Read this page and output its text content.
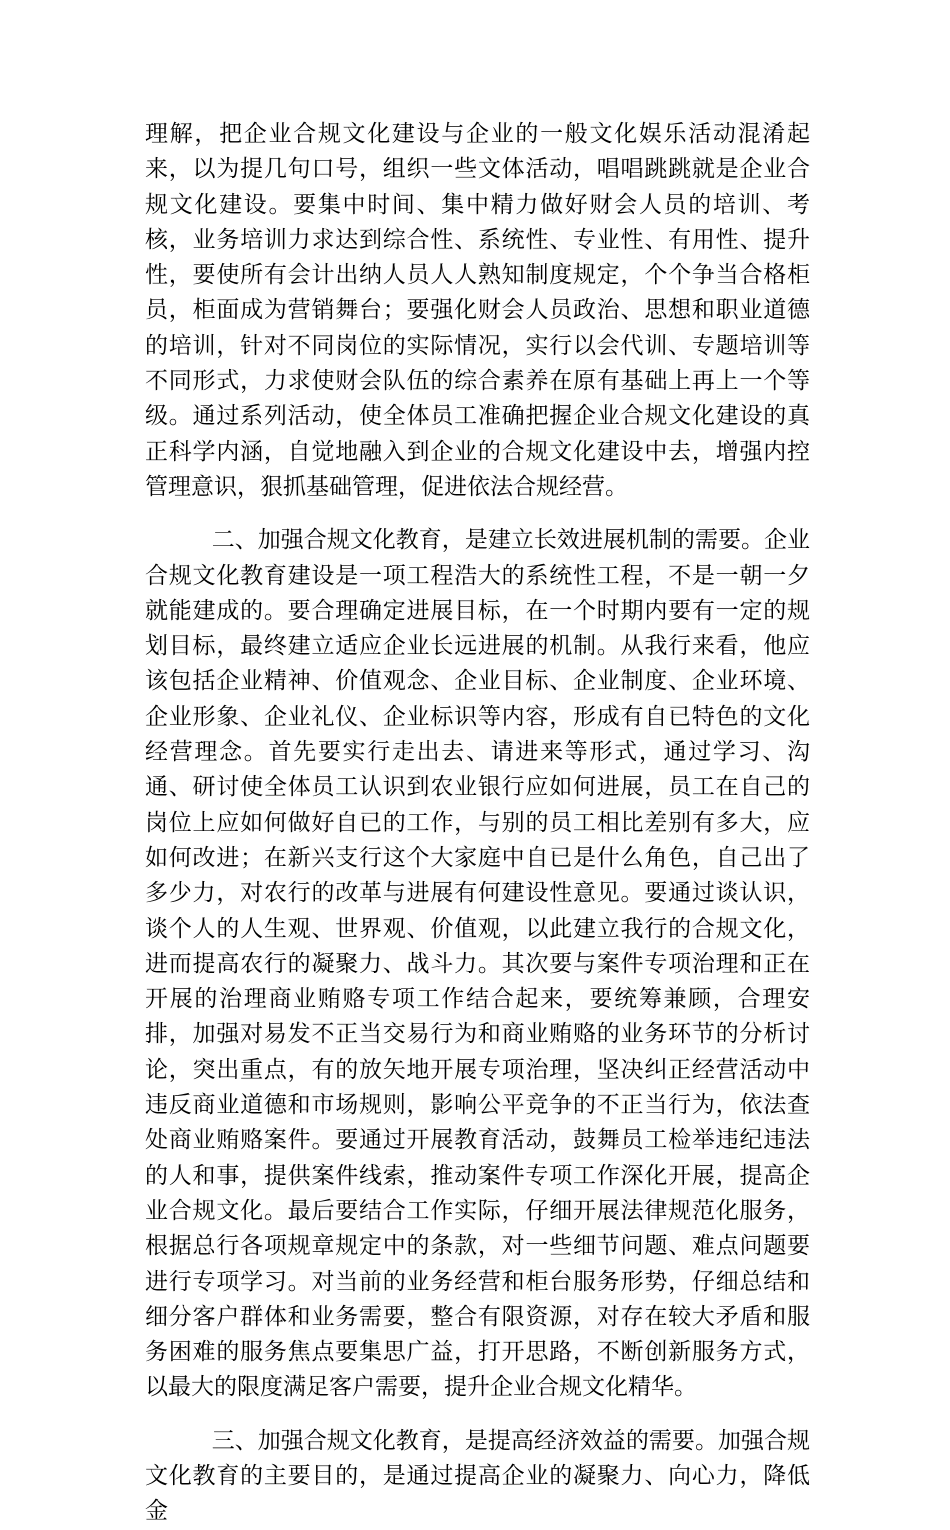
理解，把企业合规文化建设与企业的一般文化娱乐活动混淆起来，以为提几句口号，组织一些文体活动，唱唱跳跳就是企业合规文化建设。要集中时间、集中精力做好财会人员的培训、考核，业务培训力求达到综合性、系统性、专业性、有用性、提升性，要使所有会计出纳人员人人熟知制度规定，个个争当合格柜员，柜面成为营销舞台；要强化财会人员政治、思想和职业道德的培训，针对不同岗位的实际情况，实行以会代训、专题培训等不同形式，力求使财会队伍的综合素养在原有基础上再上一个等级。通过系列活动，使全体员工准确把握企业合规文化建设的真正科学内涵，自觉地融入到企业的合规文化建设中去，增强内控管理意识，狠抓基础管理，促进依法合规经营。

二、加强合规文化教育，是建立长效进展机制的需要。企业合规文化教育建设是一项工程浩大的系统性工程，不是一朝一夕就能建成的。要合理确定进展目标，在一个时期内要有一定的规划目标，最终建立适应企业长远进展的机制。从我行来看，他应该包括企业精神、价值观念、企业目标、企业制度、企业环境、企业形象、企业礼仪、企业标识等内容，形成有自已特色的文化经营理念。首先要实行走出去、请进来等形式，通过学习、沟通、研讨使全体员工认识到农业银行应如何进展，员工在自己的岗位上应如何做好自已的工作，与别的员工相比差别有多大，应如何改进；在新兴支行这个大家庭中自已是什么角色，自己出了多少力，对农行的改革与进展有何建设性意见。要通过谈认识，谈个人的人生观、世界观、价值观，以此建立我行的合规文化，进而提高农行的凝聚力、战斗力。其次要与案件专项治理和正在开展的治理商业贿赂专项工作结合起来，要统筹兼顾，合理安排，加强对易发不正当交易行为和商业贿赂的业务环节的分析讨论，突出重点，有的放矢地开展专项治理，坚决纠正经营活动中违反商业道德和市场规则，影响公平竞争的不正当行为，依法查处商业贿赂案件。要通过开展教育活动，鼓舞员工检举违纪违法的人和事，提供案件线索，推动案件专项工作深化开展，提高企业合规文化。最后要结合工作实际，仔细开展法律规范化服务，根据总行各项规章规定中的条款，对一些细节问题、难点问题要进行专项学习。对当前的业务经营和柜台服务形势，仔细总结和细分客户群体和业务需要，整合有限资源，对存在较大矛盾和服务困难的服务焦点要集思广益，打开思路，不断创新服务方式，以最大的限度满足客户需要，提升企业合规文化精华。

三、加强合规文化教育，是提高经济效益的需要。加强合规文化教育的主要目的，是通过提高企业的凝聚力、向心力，降低金
